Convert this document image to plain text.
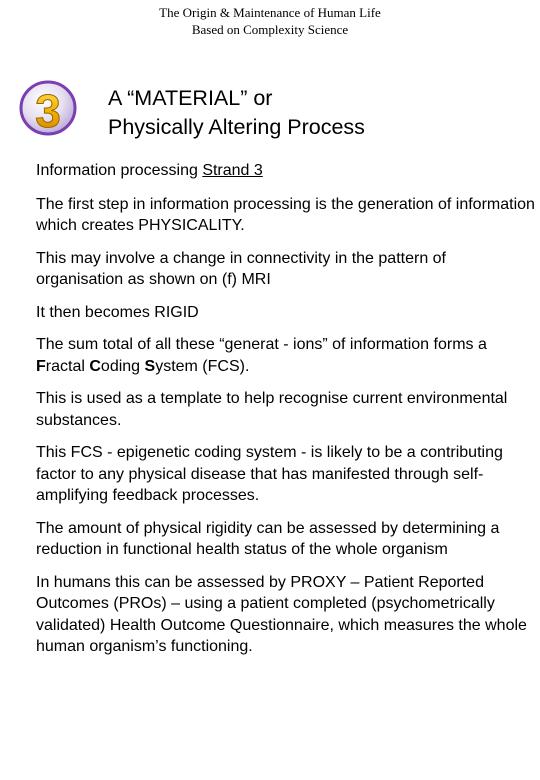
The Origin & Maintenance of Human Life
Based on Complexity Science
3 A “MATERIAL” or
Physically Altering Process

Information processing Strand 3

The first step in information processing is the generation of information which creates PHYSICALITY.

This may involve a change in connectivity in the pattern of organisation as shown on (f) MRI

It then becomes RIGID

The sum total of all these “generat - ions” of information forms a Fractal Coding System (FCS).

This is used as a template to help recognise current environmental substances.

This FCS - epigenetic coding system - is likely to be a contributing factor to any physical disease that has manifested through self-amplifying feedback processes.

The amount of physical rigidity can be assessed by determining a reduction in functional health status of the whole organism

In humans this can be assessed by PROXY – Patient Reported Outcomes (PROs) – using a patient completed (psychometrically validated) Health Outcome Questionnaire, which measures the whole human organism’s functioning.
